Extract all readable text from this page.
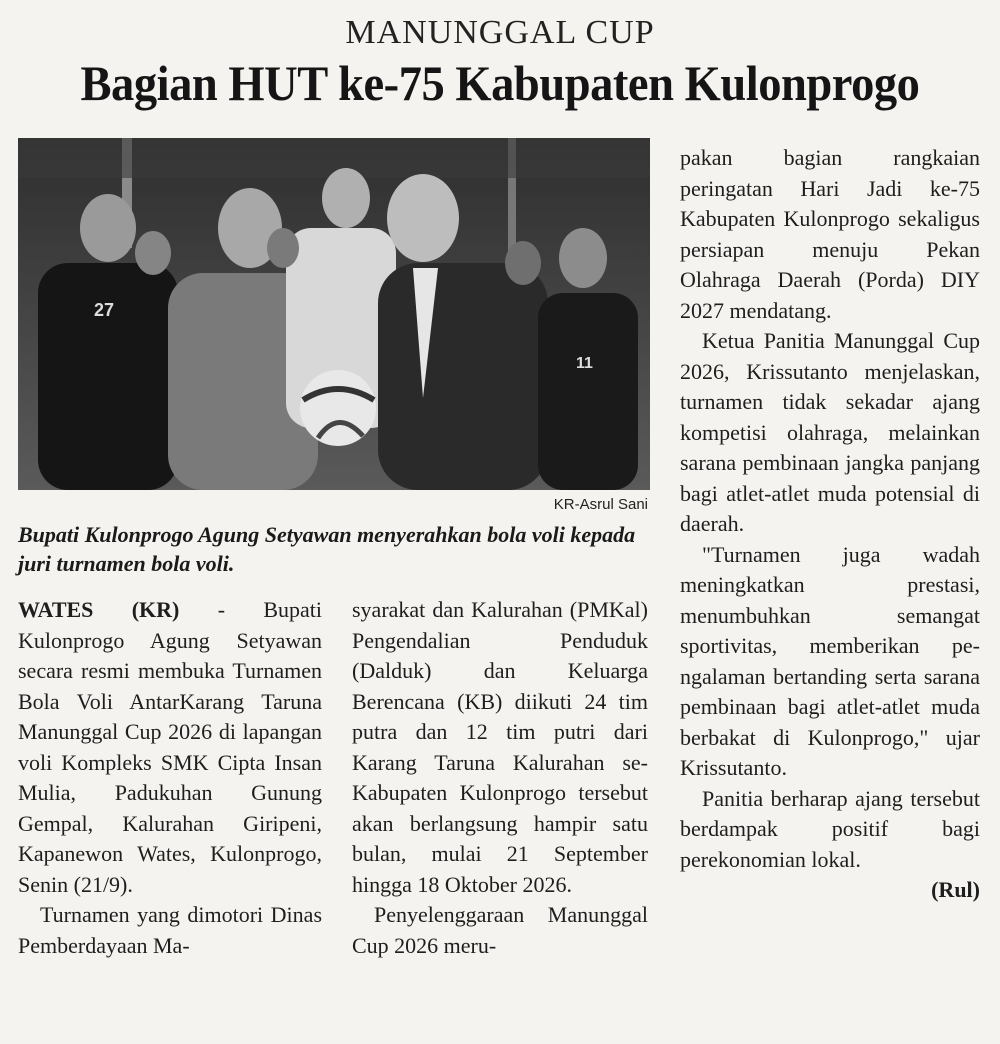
MANUNGGAL CUP
Bagian HUT ke-75 Kabupaten Kulonprogo
27
11
KR-Asrul Sani
Bupati Kulonprogo Agung Setyawan menyerahkan bola voli kepada juri turnamen bola voli.

WATES (KR) - Bupati Kulonprogo Agung Setyawan secara resmi membuka Turnamen Bola Voli AntarKarang Taruna Manunggal Cup 2026 di lapangan voli Kompleks SMK Cipta Insan Mulia, Padukuhan Gunung Gempal, Kalurahan Giripeni, Kapanewon Wates, Kulonprogo, Senin (21/9).

Turnamen yang dimotori Dinas Pemberdayaan Ma-

syarakat dan Kalurahan (PMKal) Pengendalian Penduduk (Dalduk) dan Keluarga Berencana (KB) diikuti 24 tim putra dan 12 tim putri dari Karang Taruna Kalurahan se-Kabupaten Kulonprogo tersebut akan berlangsung hampir satu bulan, mulai 21 September hingga 18 Oktober 2026.

Penyelenggaraan Manunggal Cup 2026 meru-

pakan bagian rangkaian peringatan Hari Jadi ke-75 Kabupaten Kulonprogo sekaligus persiapan menuju Pekan Olahraga Daerah (Porda) DIY 2027 mendatang.

Ketua Panitia Manunggal Cup 2026, Krissutanto menjelaskan, turnamen tidak sekadar ajang kompetisi olahraga, melainkan sarana pembinaan jangka panjang bagi atlet-atlet muda potensial di daerah.

"Turnamen juga wadah meningkatkan prestasi, menumbuhkan semangat sportivitas, memberikan pengalaman bertanding serta sarana pembinaan bagi atlet-atlet muda berbakat di Kulonprogo," ujar Krissutanto.

Panitia berharap ajang tersebut berdampak positif bagi perekonomian lokal.

(Rul)
